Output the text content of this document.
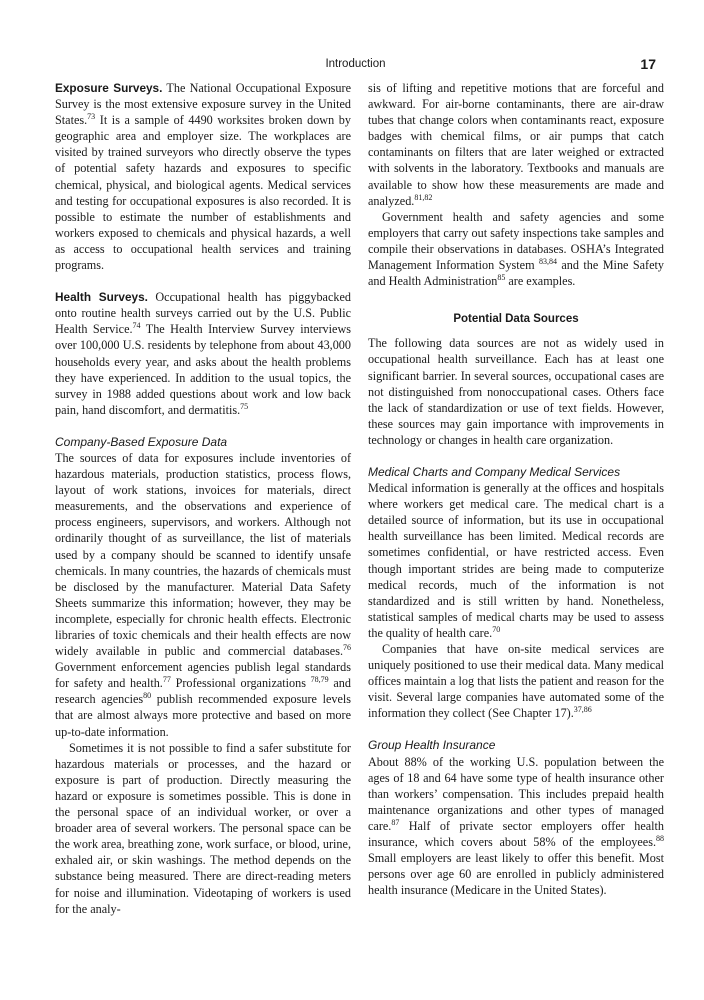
Introduction	17

Exposure Surveys. The National Occupational Exposure Survey is the most extensive exposure survey in the United States.$^{73}$ It is a sample of 4490 worksites broken down by geographic area and employer size. The workplaces are visited by trained surveyors who directly observe the types of potential safety hazards and exposures to specific chemical, physical, and biological agents. Medical services and testing for occupational exposures is also recorded. It is possible to estimate the number of establishments and workers exposed to chemicals and physical hazards, a well as access to occupational health services and training programs.

Health Surveys. Occupational health has piggybacked onto routine health surveys carried out by the U.S. Public Health Service.$^{74}$ The Health Interview Survey interviews over 100,000 U.S. residents by telephone from about 43,000 households every year, and asks about the health problems they have experienced. In addition to the usual topics, the survey in 1988 added questions about work and low back pain, hand discomfort, and dermatitis.$^{75}$

Company-Based Exposure Data

The sources of data for exposures include inventories of hazardous materials, production statistics, process flows, layout of work stations, invoices for materials, direct measurements, and the observations and experience of process engineers, supervisors, and workers. Although not ordinarily thought of as surveillance, the list of materials used by a company should be scanned to identify unsafe chemicals. In many countries, the hazards of chemicals must be disclosed by the manufacturer. Material Data Safety Sheets summarize this information; however, they may be incomplete, especially for chronic health effects. Electronic libraries of toxic chemicals and their health effects are now widely available in public and commercial databases.$^{76}$ Government enforcement agencies publish legal standards for safety and health.$^{77}$ Professional organizations $^{78,79}$ and research agencies$^{80}$ publish recommended exposure levels that are almost always more protective and based on more up-to-date information.

Sometimes it is not possible to find a safer substitute for hazardous materials or processes, and the hazard or exposure is part of production. Directly measuring the hazard or exposure is sometimes possible. This is done in the personal space of an individual worker, or over a broader area of several workers. The personal space can be the work area, breathing zone, work surface, or blood, urine, exhaled air, or skin washings. The method depends on the substance being measured. There are direct-reading meters for noise and illumination. Videotaping of workers is used for the analy-

sis of lifting and repetitive motions that are forceful and awkward. For air-borne contaminants, there are air-draw tubes that change colors when contaminants react, exposure badges with chemical films, or air pumps that catch contaminants on filters that are later weighed or extracted with solvents in the laboratory. Textbooks and manuals are available to show how these measurements are made and analyzed.$^{81,82}$

Government health and safety agencies and some employers that carry out safety inspections take samples and compile their observations in databases. OSHA’s Integrated Management Information System $^{83,84}$ and the Mine Safety and Health Administration$^{85}$ are examples.

Potential Data Sources

The following data sources are not as widely used in occupational health surveillance. Each has at least one significant barrier. In several sources, occupational cases are not distinguished from nonoccupational cases. Others face the lack of standardization or use of text fields. However, these sources may gain importance with improvements in technology or changes in health care organization.

Medical Charts and Company Medical Services

Medical information is generally at the offices and hospitals where workers get medical care. The medical chart is a detailed source of information, but its use in occupational health surveillance has been limited. Medical records are sometimes confidential, or have restricted access. Even though important strides are being made to computerize medical records, much of the information is not standardized and is still written by hand. Nonetheless, statistical samples of medical charts may be used to assess the quality of health care.$^{70}$

Companies that have on-site medical services are uniquely positioned to use their medical data. Many medical offices maintain a log that lists the patient and reason for the visit. Several large companies have automated some of the information they collect (See Chapter 17).$^{37,86}$

Group Health Insurance

About 88% of the working U.S. population between the ages of 18 and 64 have some type of health insurance other than workers’ compensation. This includes prepaid health maintenance organizations and other types of managed care.$^{87}$ Half of private sector employers offer health insurance, which covers about 58% of the employees.$^{88}$ Small employers are least likely to offer this benefit. Most persons over age 60 are enrolled in publicly administered health insurance (Medicare in the United States).
